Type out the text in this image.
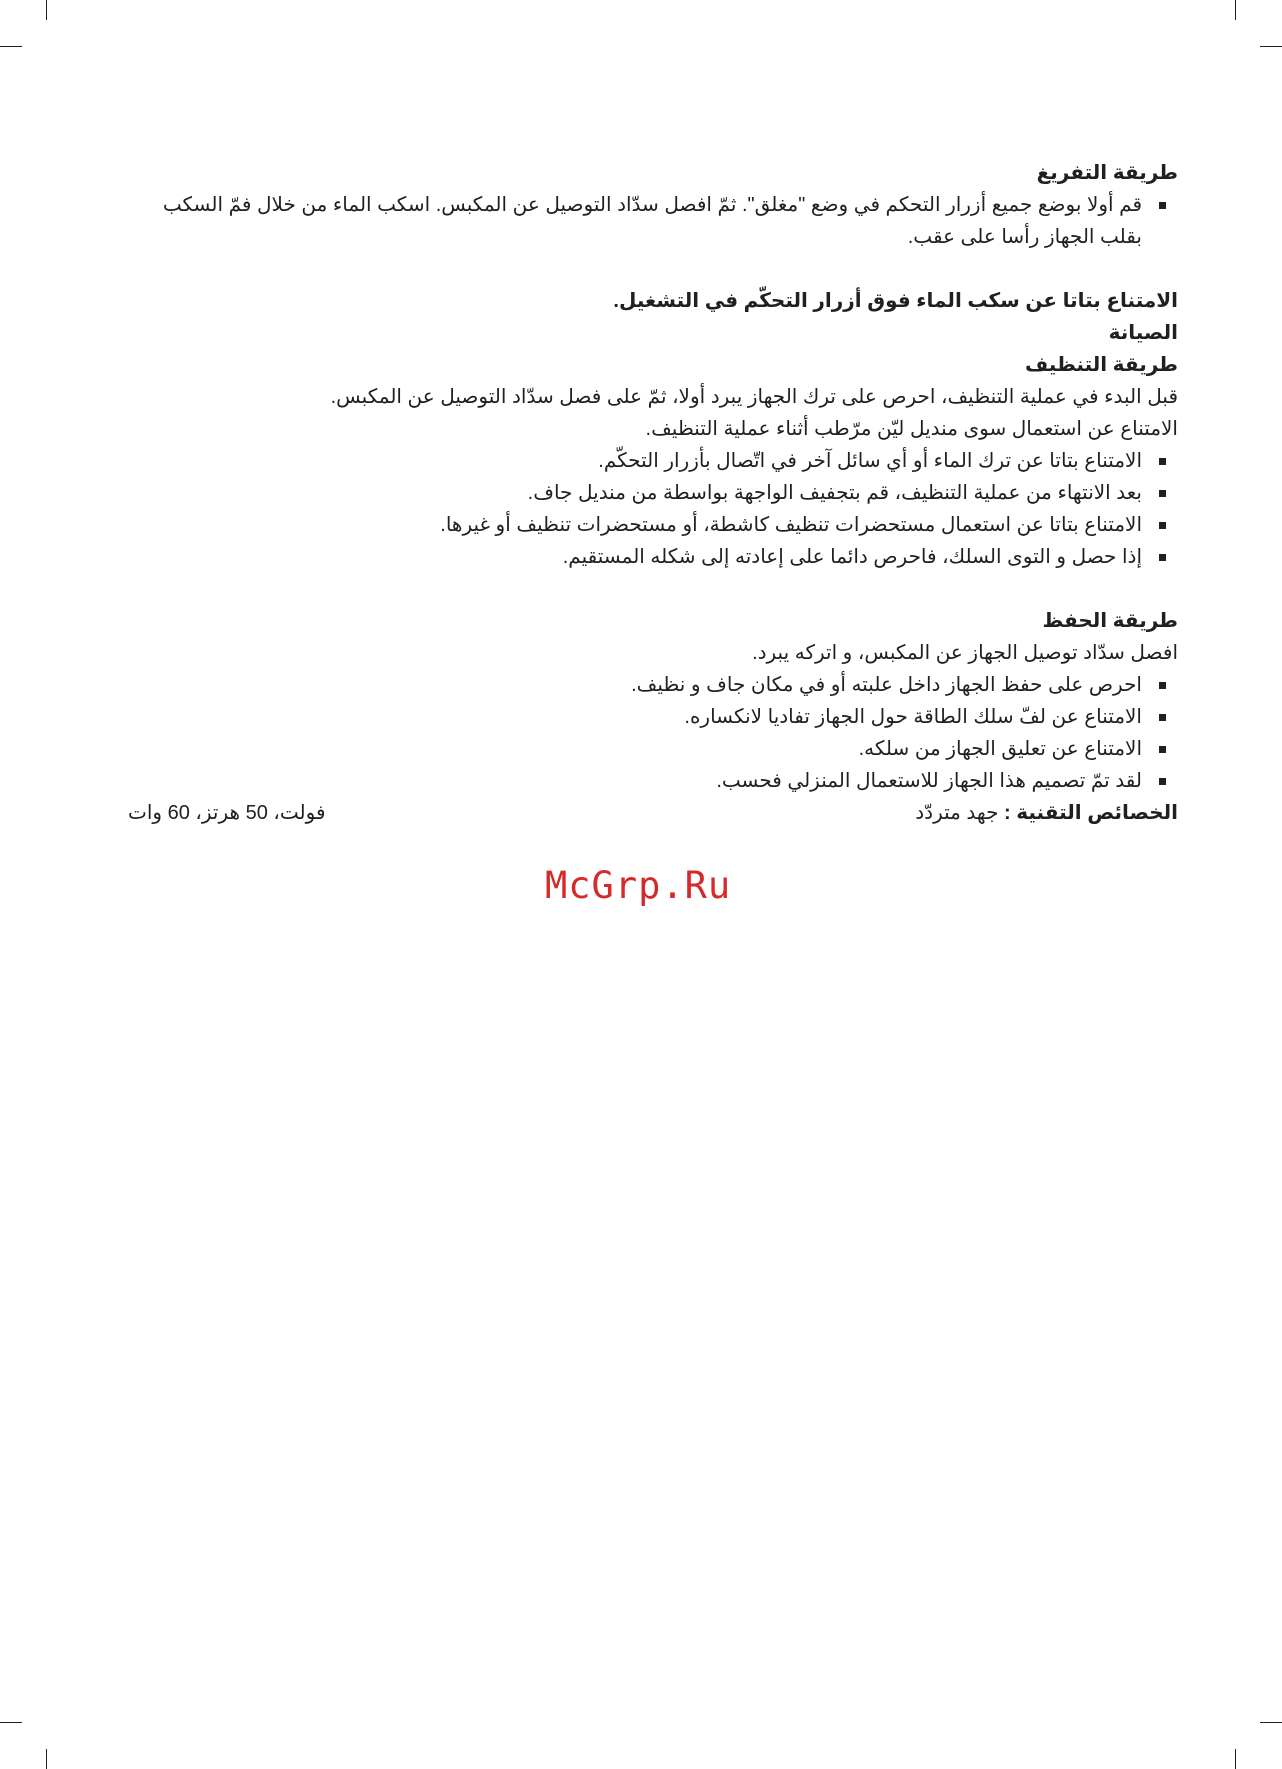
طريقة التفريغ

قم أولا بوضع جميع أزرار التحكم في وضع "مغلق". ثمّ افصل سدّاد التوصيل عن المكبس. اسكب الماء من خلال فمّ السكب بقلب الجهاز رأسا على عقب.

الامتناع بتاتا عن سكب الماء فوق أزرار التحكّم في التشغيل.

الصيانة

طريقة التنظيف

قبل البدء في عملية التنظيف، احرص على ترك الجهاز يبرد أولا، ثمّ على فصل سدّاد التوصيل عن المكبس.

الامتناع عن استعمال سوى منديل ليّن مرّطب أثناء عملية التنظيف.

الامتناع بتاتا عن ترك الماء أو أي سائل آخر في اتّصال بأزرار التحكّم.
بعد الانتهاء من عملية التنظيف، قم بتجفيف الواجهة بواسطة من منديل جاف.
الامتناع بتاتا عن استعمال مستحضرات تنظيف كاشطة، أو مستحضرات تنظيف أو غيرها.
إذا حصل و التوى السلك، فاحرص دائما على إعادته إلى شكله المستقيم.

طريقة الحفظ

افصل سدّاد توصيل الجهاز عن المكبس، و اتركه يبرد.

احرص على حفظ الجهاز داخل علبته أو في مكان جاف و نظيف.
الامتناع عن لفّ سلك الطاقة حول الجهاز تفاديا لانكساره.
الامتناع عن تعليق الجهاز من سلكه.
لقد تمّ تصميم هذا الجهاز للاستعمال المنزلي فحسب.
الخصائص التقنية : جهد متردّد
فولت، 50 هرتز، 60 وات
McGrp.Ru
